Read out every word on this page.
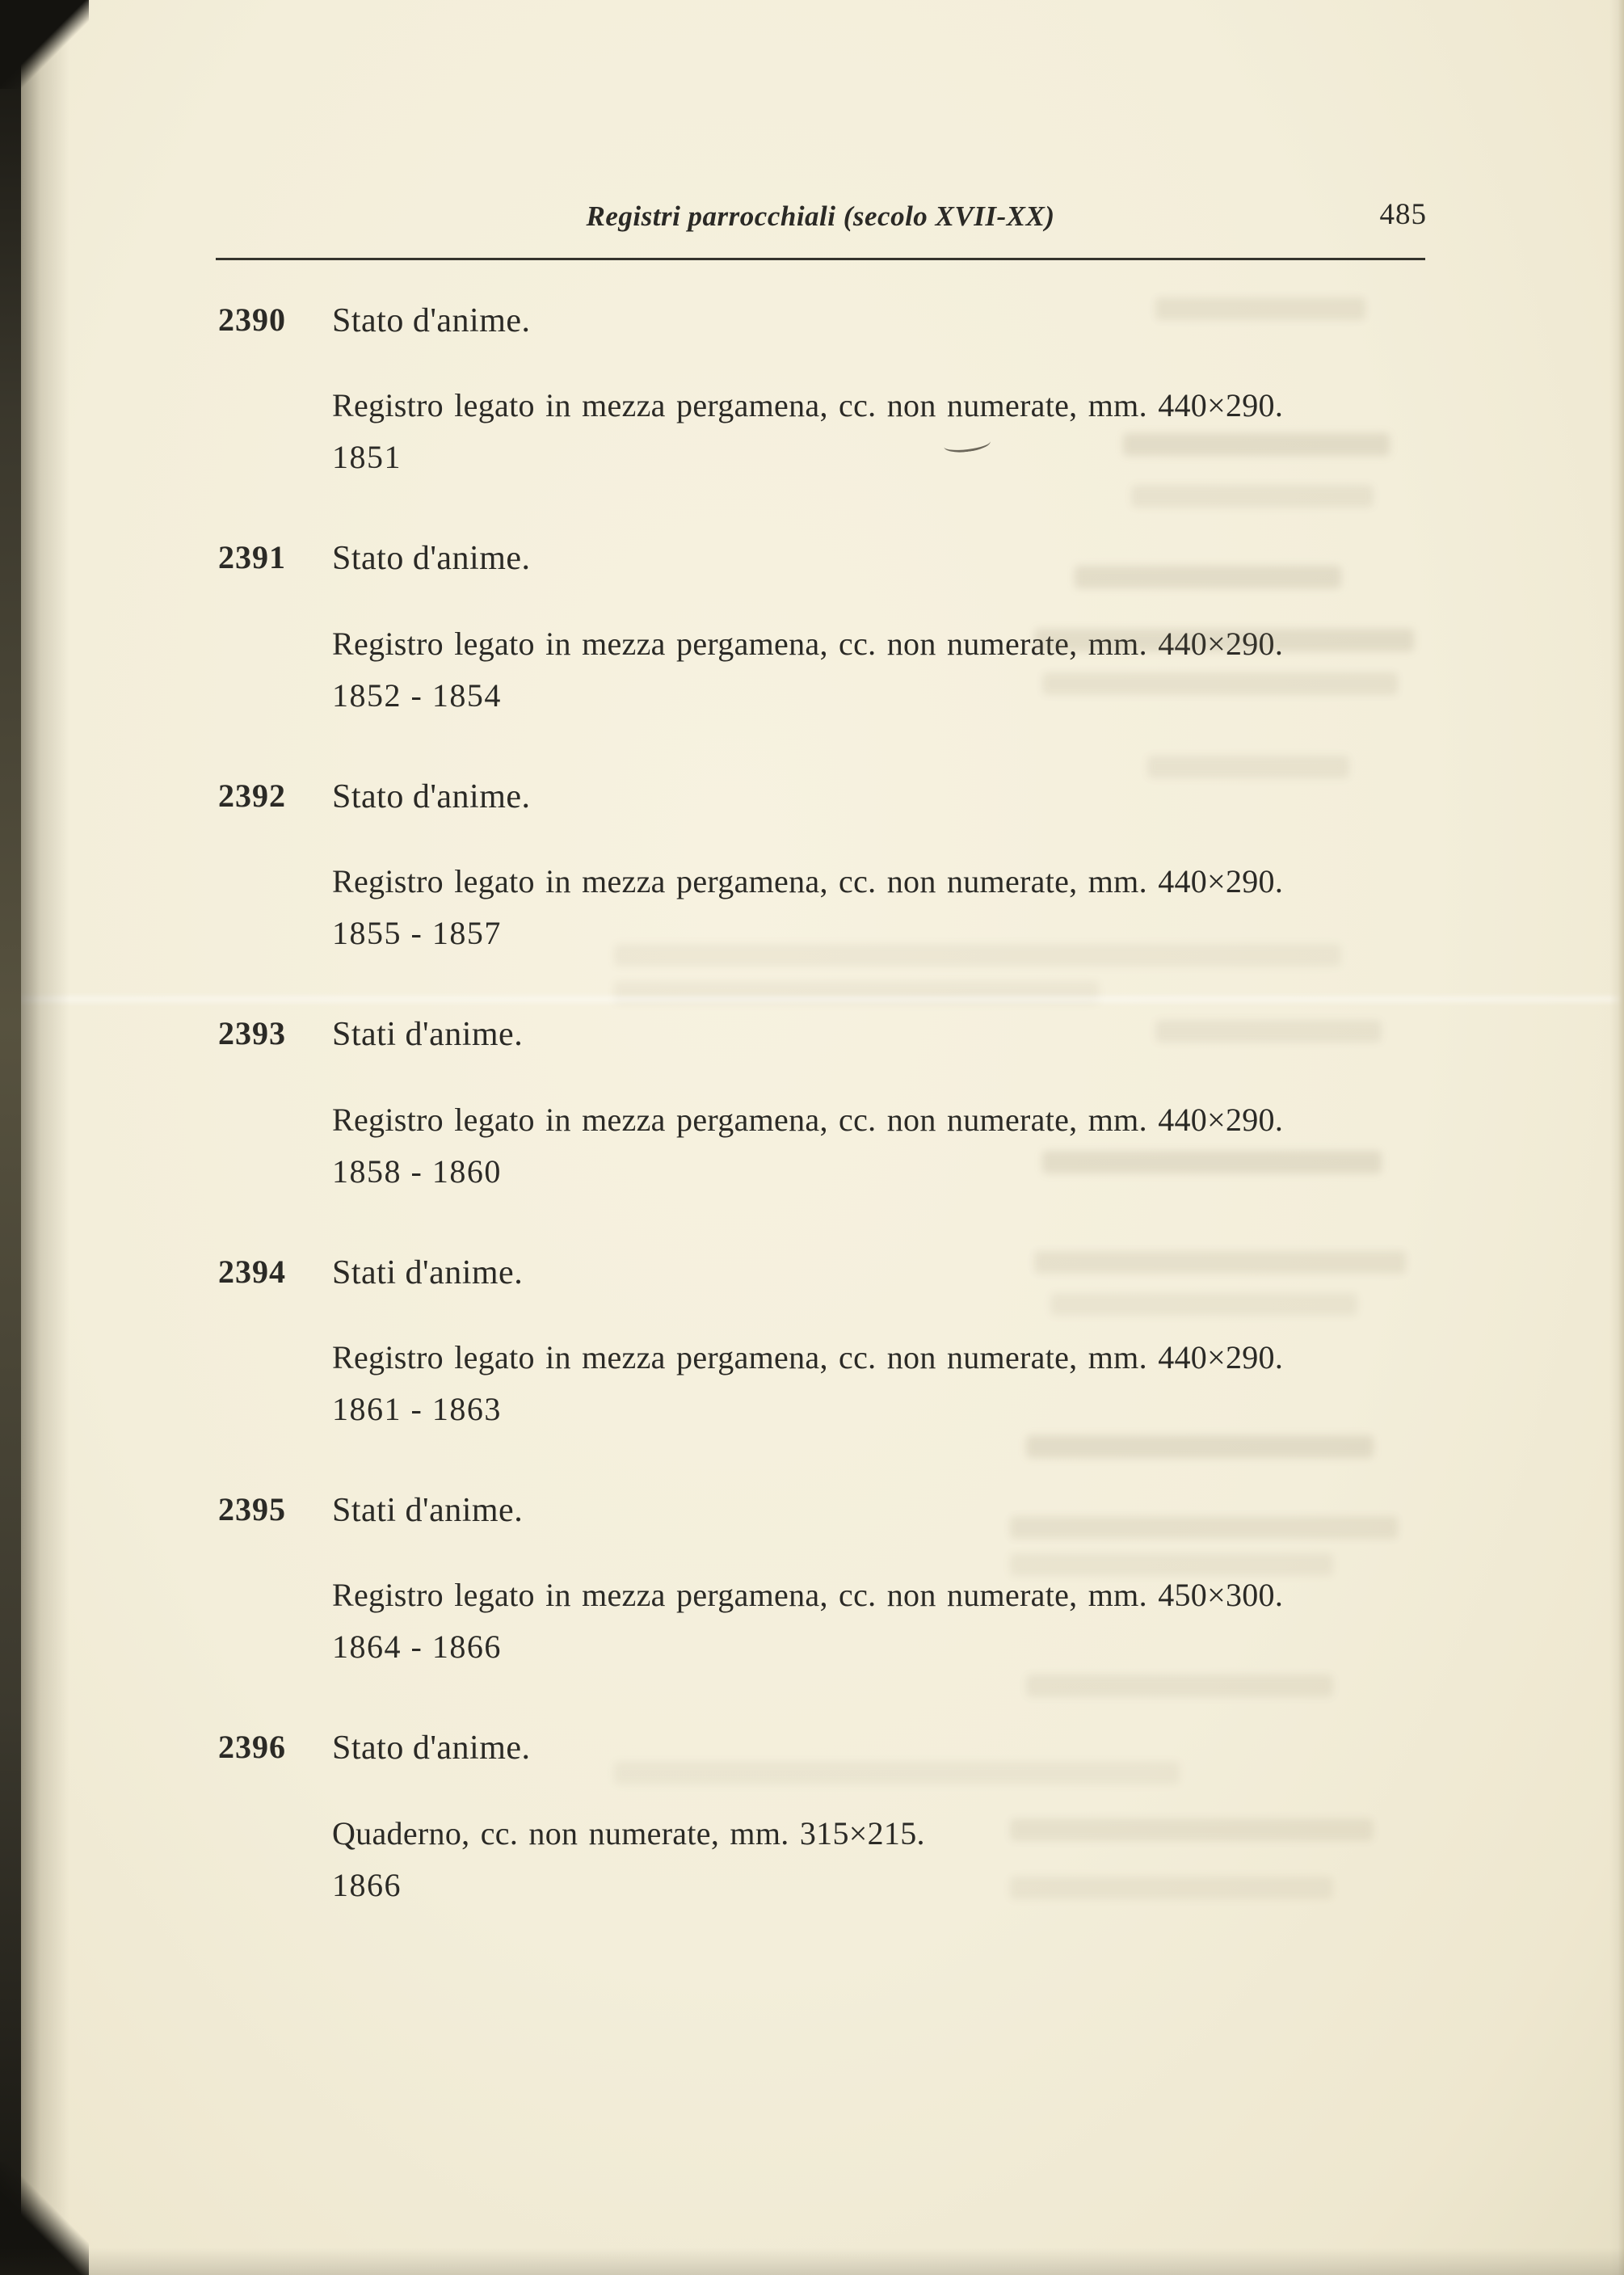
Registri parrocchiali (secolo XVII-XX)	485
2390	Stato d'anime.
Registro legato in mezza pergamena, cc. non numerate, mm. 440×290.
1851
2391	Stato d'anime.
Registro legato in mezza pergamena, cc. non numerate, mm. 440×290.
1852 - 1854
2392	Stato d'anime.
Registro legato in mezza pergamena, cc. non numerate, mm. 440×290.
1855 - 1857
2393	Stati d'anime.
Registro legato in mezza pergamena, cc. non numerate, mm. 440×290.
1858 - 1860
2394	Stati d'anime.
Registro legato in mezza pergamena, cc. non numerate, mm. 440×290.
1861 - 1863
2395	Stati d'anime.
Registro legato in mezza pergamena, cc. non numerate, mm. 450×300.
1864 - 1866
2396	Stato d'anime.
Quaderno, cc. non numerate, mm. 315×215.
1866
